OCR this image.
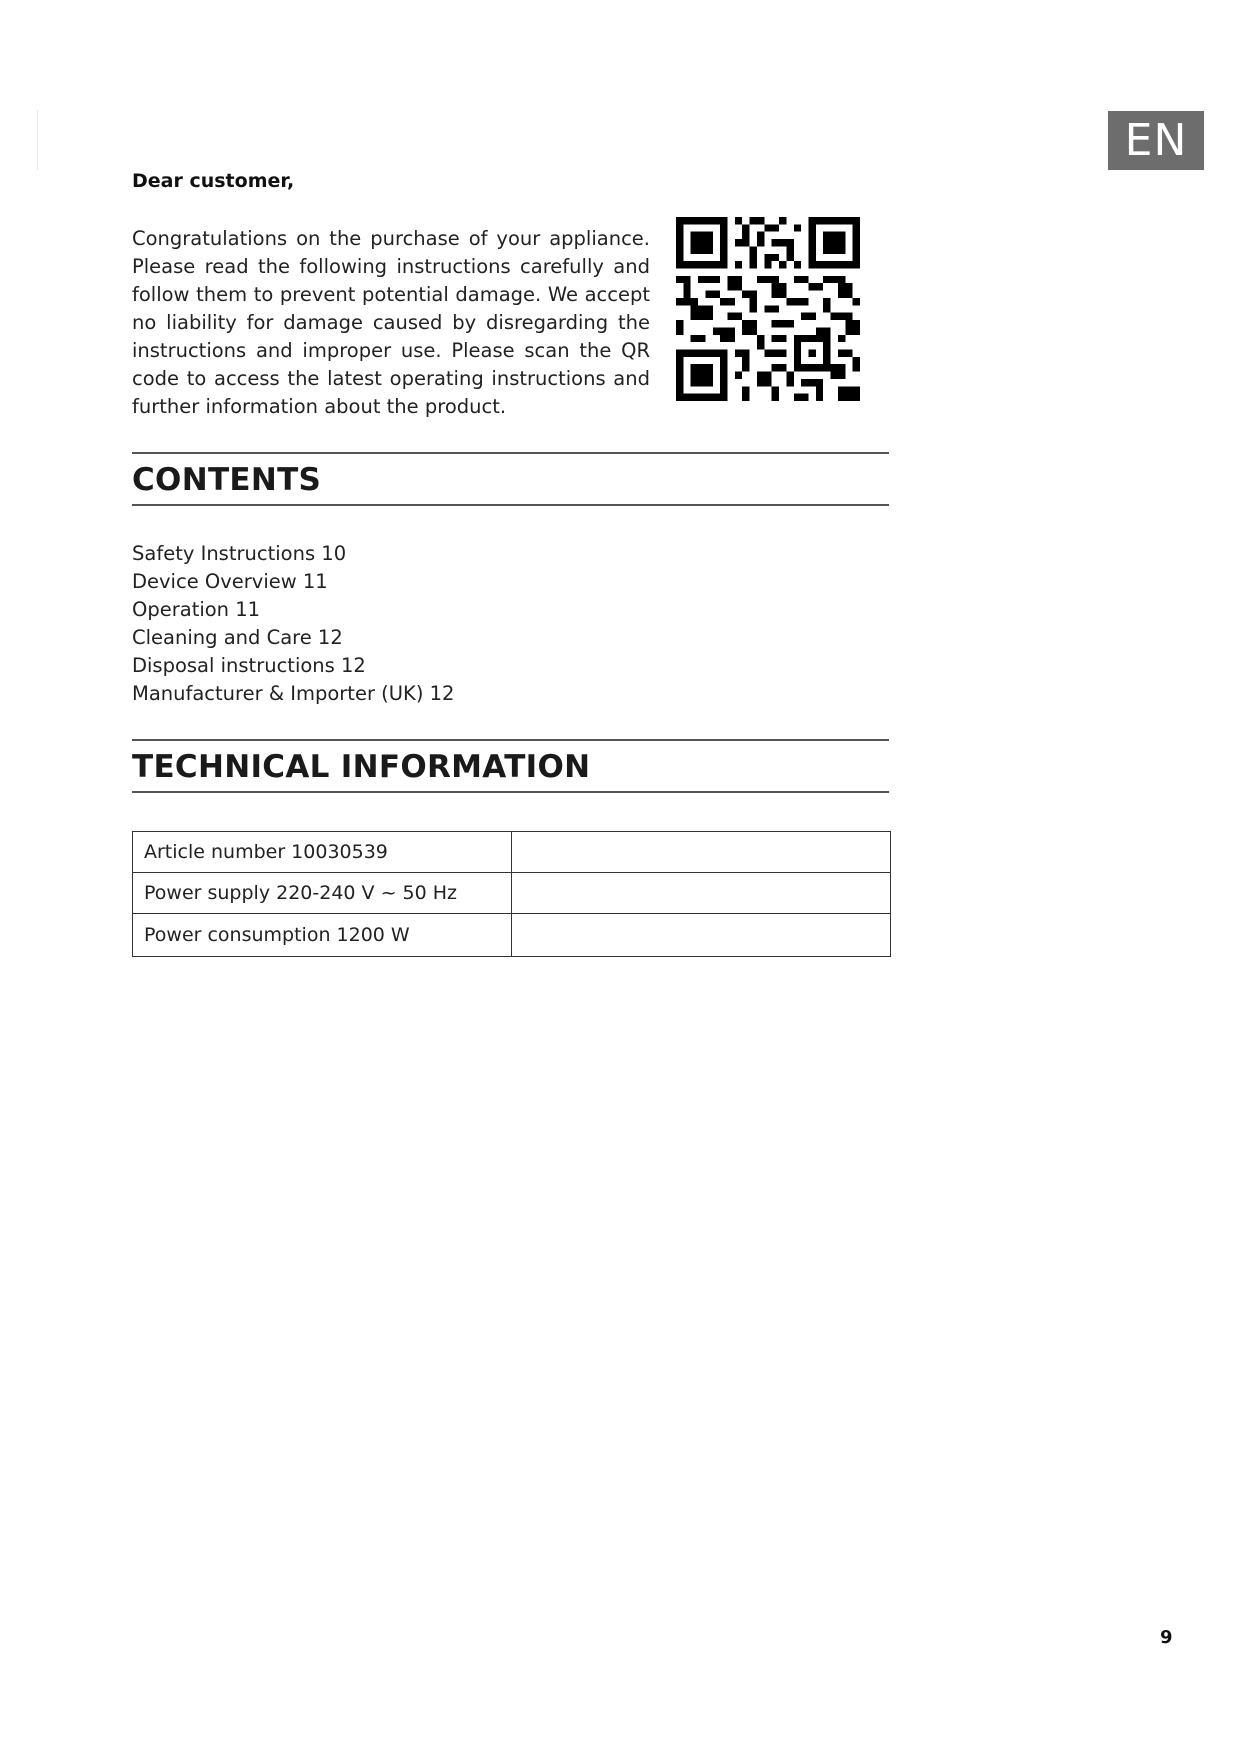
EN
Dear customer,

Congratulations on the purchase of your appliance. Please read the following instructions carefully and follow them to prevent potential damage. We accept no liability for damage caused by disregarding the instructions and improper use. Please scan the QR code to access the latest operating instructions and further information about the product.

CONTENTS
Safety Instructions 10
Device Overview 11
Operation 11
Cleaning and Care 12
Disposal instructions 12
Manufacturer & Importer (UK) 12
TECHNICAL INFORMATION
Article number 10030539	
Power supply 220-240 V ~ 50 Hz	
Power consumption 1200 W	
9
